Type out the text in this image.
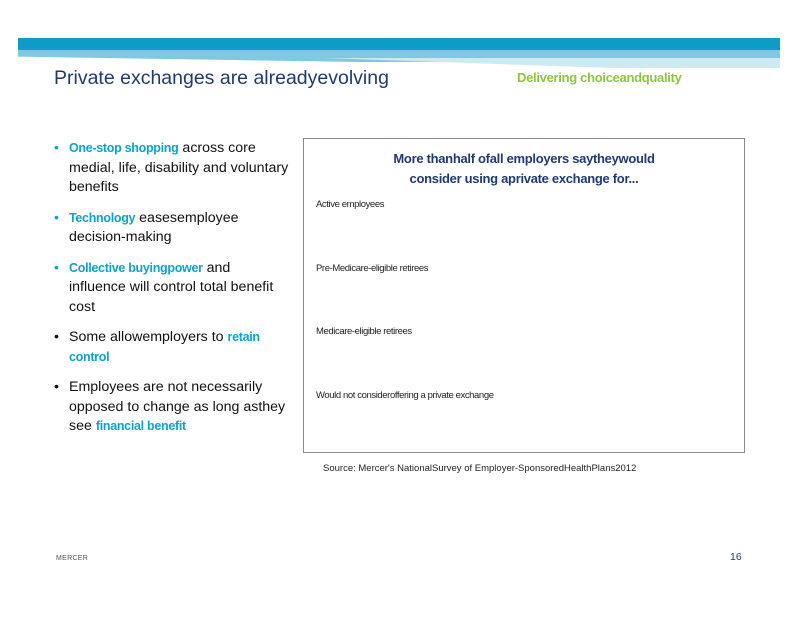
Private exchanges are alreadyevolving	Delivering choiceandquality
• One-stop shopping across core medial, life, disability and voluntary benefits
• Technology easesemployee decision-making
• Collective buyingpower and influence will control total benefit cost
• Some allowemployers to retain control
• Employees are not necessarily opposed to change as long asthey see financial benefit
More thanhalf ofall employers saytheywould
consider using aprivate exchange for...
Active employees
Pre-Medicare-eligible retirees
Medicare-eligible retirees
Would not consideroffering a private exchange
Source: Mercer's NationalSurvey of Employer-SponsoredHealthPlans2012
MERCER	16
